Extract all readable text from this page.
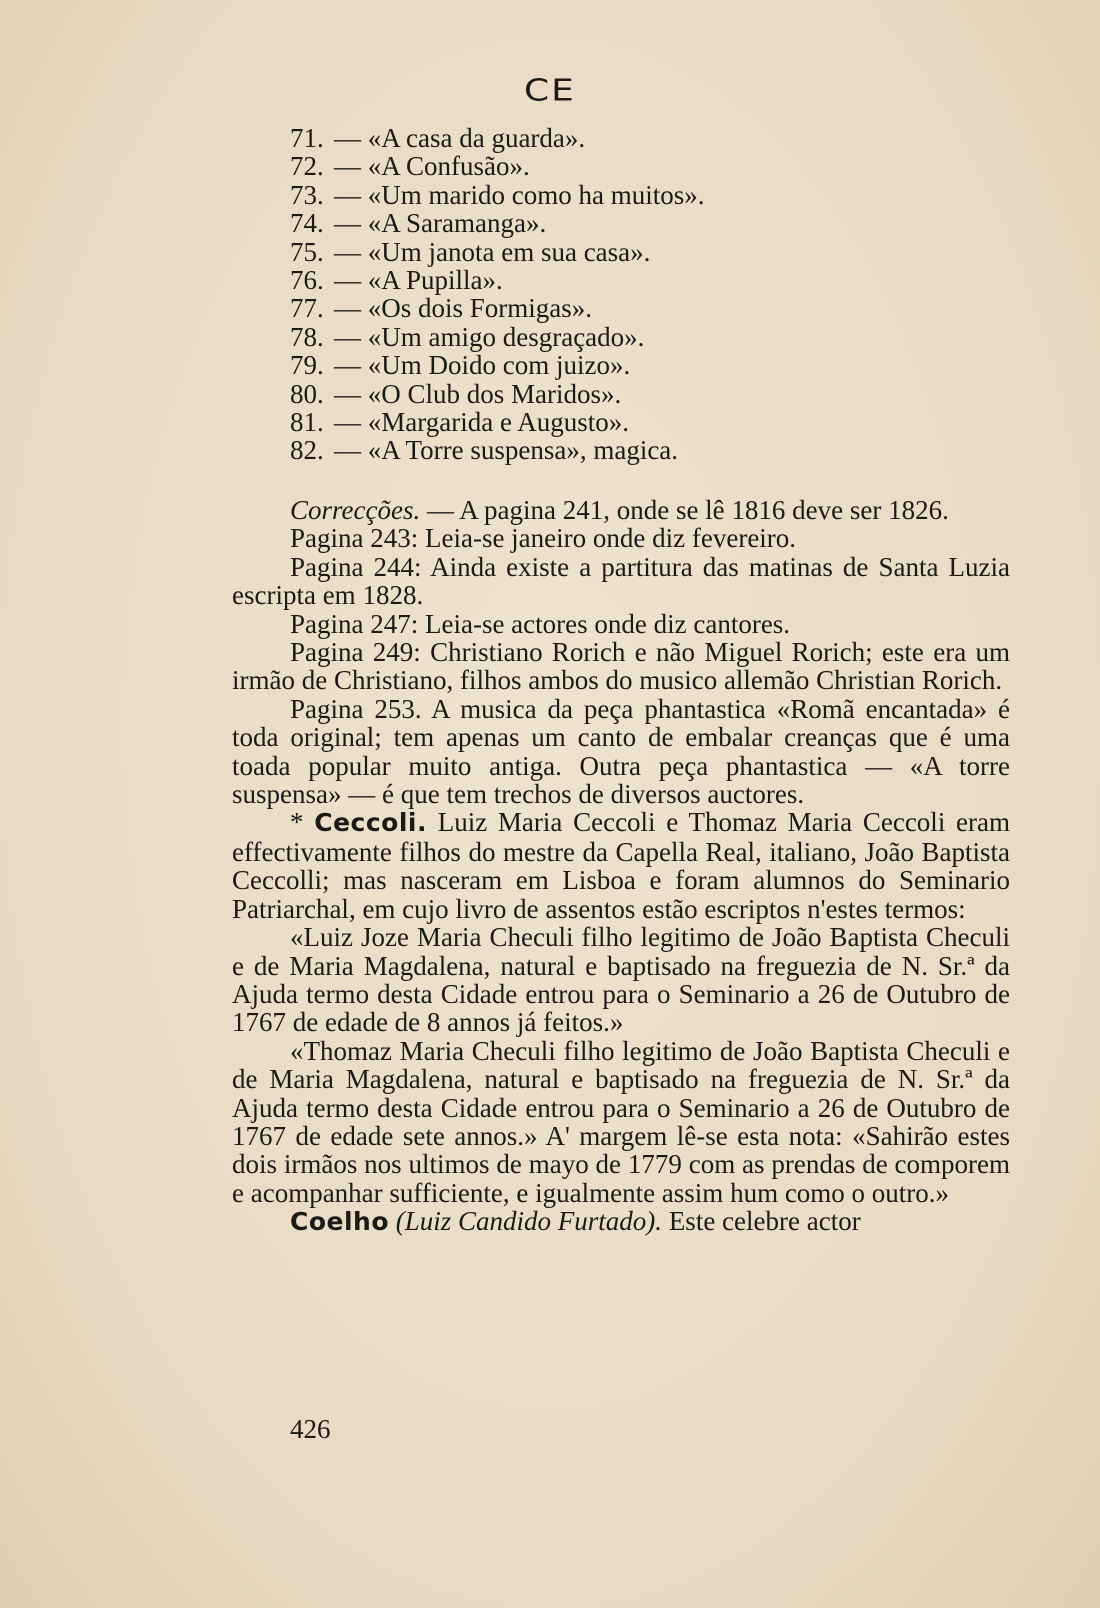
CE
71. — «A casa da guarda».
72. — «A Confusão».
73. — «Um marido como ha muitos».
74. — «A Saramanga».
75. — «Um janota em sua casa».
76. — «A Pupilla».
77. — «Os dois Formigas».
78. — «Um amigo desgraçado».
79. — «Um Doido com juizo».
80. — «O Club dos Maridos».
81. — «Margarida e Augusto».
82. — «A Torre suspensa», magica.

Correcções. — A pagina 241, onde se lê 1816 deve ser 1826.

Pagina 243: Leia-se janeiro onde diz fevereiro.

Pagina 244: Ainda existe a partitura das matinas de Santa Luzia escripta em 1828.

Pagina 247: Leia-se actores onde diz cantores.

Pagina 249: Christiano Rorich e não Miguel Rorich; este era um irmão de Christiano, filhos ambos do musico allemão Christian Rorich.

Pagina 253. A musica da peça phantastica «Romã encantada» é toda original; tem apenas um canto de embalar creanças que é uma toada popular muito antiga. Outra peça phantastica — «A torre suspensa» — é que tem trechos de diversos auctores.

* Ceccoli. Luiz Maria Ceccoli e Thomaz Maria Ceccoli eram effectivamente filhos do mestre da Capella Real, italiano, João Baptista Ceccolli; mas nasceram em Lisboa e foram alumnos do Seminario Patriarchal, em cujo livro de assentos estão escriptos n'estes termos:

«Luiz Joze Maria Checuli filho legitimo de João Baptista Checuli e de Maria Magdalena, natural e baptisado na freguezia de N. Sr.ª da Ajuda termo desta Cidade entrou para o Seminario a 26 de Outubro de 1767 de edade de 8 annos já feitos.»

«Thomaz Maria Checuli filho legitimo de João Baptista Checuli e de Maria Magdalena, natural e baptisado na freguezia de N. Sr.ª da Ajuda termo desta Cidade entrou para o Seminario a 26 de Outubro de 1767 de edade sete annos.» A' margem lê-se esta nota: «Sahirão estes dois irmãos nos ultimos de mayo de 1779 com as prendas de comporem e acompanhar sufficiente, e igualmente assim hum como o outro.»

Coelho (Luiz Candido Furtado). Este celebre actor

426
